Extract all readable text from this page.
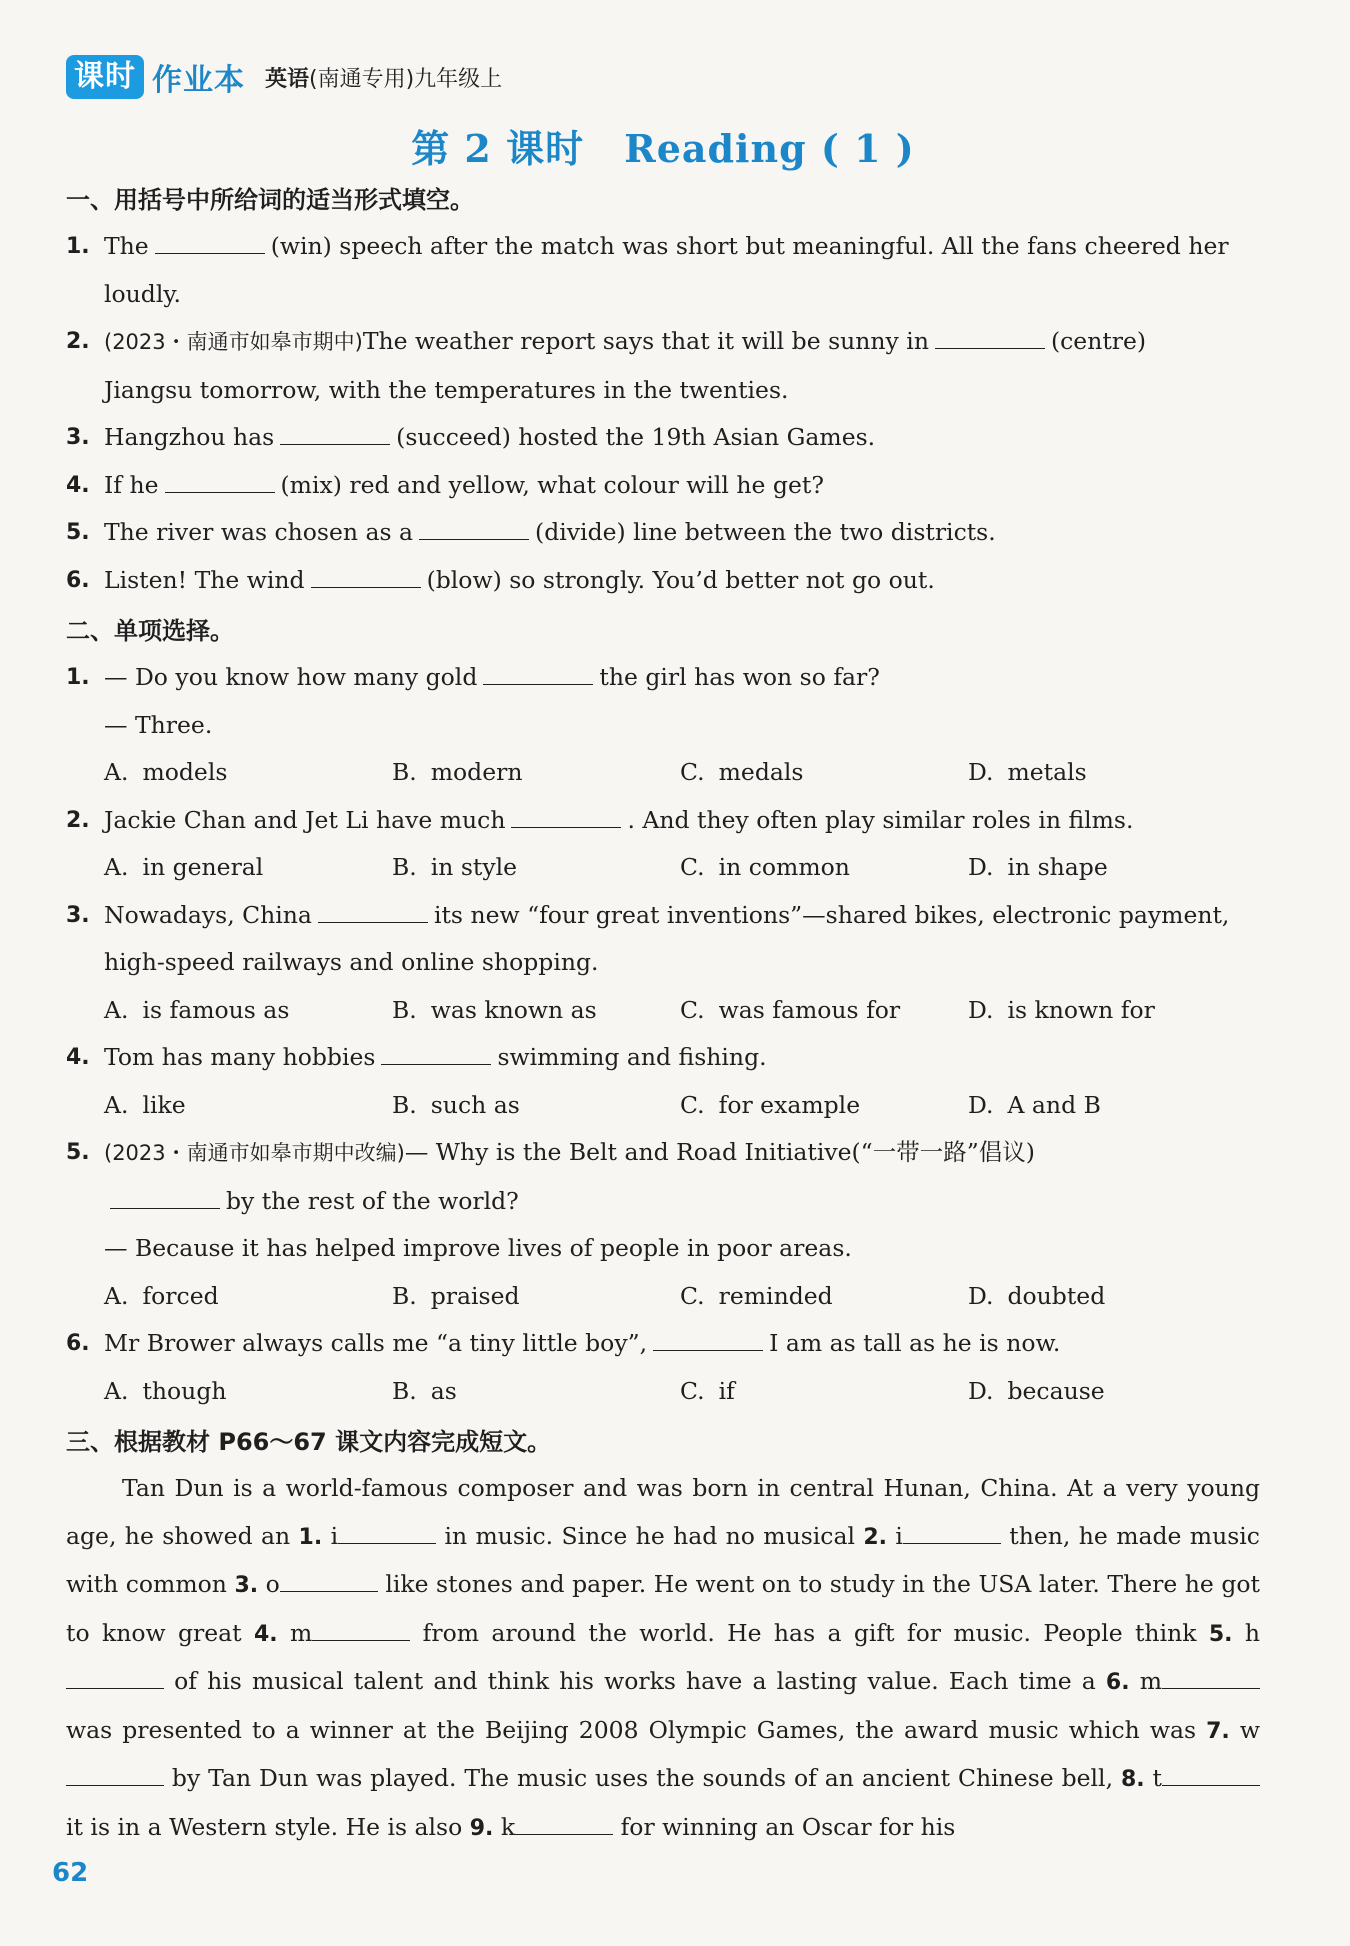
课时 作业本 英语(南通专用)九年级上
第 2 课时 Reading ( 1 )
一、用括号中所给词的适当形式填空。
1. The	(win) speech after the match was short but meaningful. All the fans cheered her
loudly.
2. (2023・南通市如皋市期中)The weather report says that it will be sunny in	(centre)
Jiangsu tomorrow, with the temperatures in the twenties.
3. Hangzhou has	(succeed) hosted the 19th Asian Games.
4. If he	(mix) red and yellow, what colour will he get?
5. The river was chosen as a	(divide) line between the two districts.
6. Listen! The wind	(blow) so strongly. You’d better not go out.
二、单项选择。
1. — Do you know how many gold	the girl has won so far?
— Three.
A. models	B. modern	C. medals	D. metals
2. Jackie Chan and Jet Li have much	. And they often play similar roles in films.
A. in general	B. in style	C. in common	D. in shape
3. Nowadays, China	its new “four great inventions”—shared bikes, electronic payment,
high-speed railways and online shopping.
A. is famous as	B. was known as	C. was famous for	D. is known for
4. Tom has many hobbies	swimming and fishing.
A. like	B. such as	C. for example	D. A and B
5. (2023・南通市如皋市期中改编)— Why is the Belt and Road Initiative(“一带一路”倡议)
by the rest of the world?
— Because it has helped improve lives of people in poor areas.
A. forced	B. praised	C. reminded	D. doubted
6. Mr Brower always calls me “a tiny little boy”,	I am as tall as he is now.
A. though	B. as	C. if	D. because
三、根据教材 P66～67 课文内容完成短文。
Tan Dun is a world-famous composer and was born in central Hunan, China. At a very young age, he showed an 1. i	in music. Since he had no musical 2. i	then, he made music with common 3. o	like stones and paper. He went on to study in the USA later. There he got to know great 4. m	from around the world. He has a gift for music. People think 5. h of his musical talent and think his works have a lasting value. Each time a 6. m was presented to a winner at the Beijing 2008 Olympic Games, the award music which was 7. w by Tan Dun was played. The music uses the sounds of an ancient Chinese bell, 8. t it is in a Western style. He is also 9. k	for winning an Oscar for his
62
